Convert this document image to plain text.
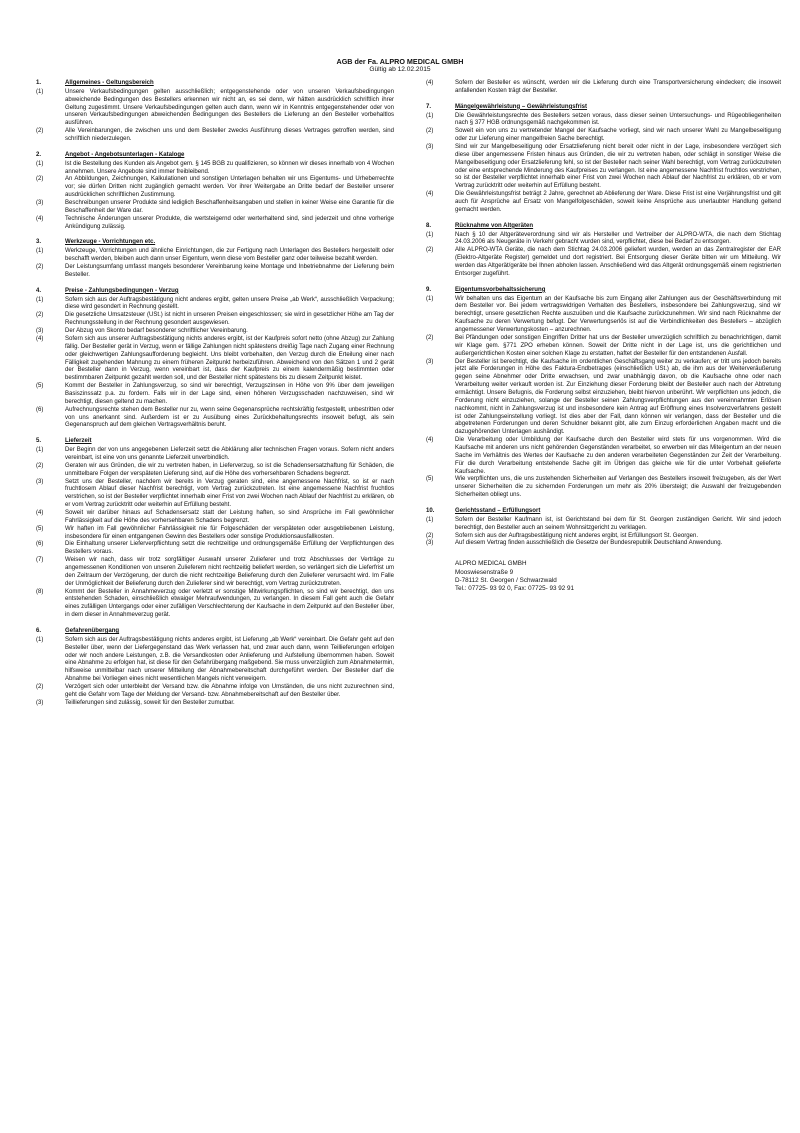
AGB der Fa. ALPRO MEDICAL GMBH
Gültig ab 12.02.2015
1.	Allgemeines - Geltungsbereich
(1)	Unsere Verkaufsbedingungen gelten ausschließlich; entgegenstehende oder von unseren Verkaufsbedingungen abweichende Bedingungen des Bestellers erkennen wir nicht an, es sei denn, wir hätten ausdrücklich schriftlich ihrer Geltung zugestimmt. Unsere Verkaufsbedingungen gelten auch dann, wenn wir in Kenntnis entgegenstehender oder von unseren Verkaufsbedingungen abweichenden Bedingungen des Bestellers die Lieferung an den Besteller vorbehaltlos ausführen.
(2)	Alle Vereinbarungen, die zwischen uns und dem Besteller zwecks Ausführung dieses Vertrages getroffen werden, sind schriftlich niederzulegen.
2.	Angebot - Angebotsunterlagen - Kataloge
(1)	Ist die Bestellung des Kunden als Angebot gem. § 145 BGB zu qualifizieren, so können wir dieses innerhalb von 4 Wochen annehmen. Unsere Angebote sind immer freibleibend.
(2)	An Abbildungen, Zeichnungen, Kalkulationen und sonstigen Unterlagen behalten wir uns Eigentums- und Urheberrechte vor; sie dürfen Dritten nicht zugänglich gemacht werden. Vor ihrer Weitergabe an Dritte bedarf der Besteller unserer ausdrücklichen schriftlichen Zustimmung.
(3)	Beschreibungen unserer Produkte sind lediglich Beschaffenheitsangaben und stellen in keiner Weise eine Garantie für die Beschaffenheit der Ware dar.
(4)	Technische Änderungen unserer Produkte, die wertsteigernd oder werterhaltend sind, sind jederzeit und ohne vorherige Ankündigung zulässig.
3.	Werkzeuge - Vorrichtungen etc.
(1)	Werkzeuge, Vorrichtungen und ähnliche Einrichtungen, die zur Fertigung nach Unterlagen des Bestellers hergestellt oder beschafft werden, bleiben auch dann unser Eigentum, wenn diese vom Besteller ganz oder teilweise bezahlt werden.
(2)	Der Leistungsumfang umfasst mangels besonderer Vereinbarung keine Montage und Inbetriebnahme der Lieferung beim Besteller.
4.	Preise - Zahlungsbedingungen - Verzug
(1)	Sofern sich aus der Auftragsbestätigung nicht anderes ergibt, gelten unsere Preise „ab Werk“, ausschließlich Verpackung; diese wird gesondert in Rechnung gestellt.
(2)	Die gesetzliche Umsatzsteuer (USt.) ist nicht in unseren Preisen eingeschlossen; sie wird in gesetzlicher Höhe am Tag der Rechnungsstellung in der Rechnung gesondert ausgewiesen.
(3)	Der Abzug von Skonto bedarf besonderer schriftlicher Vereinbarung.
(4)	Sofern sich aus unserer Auftragsbestätigung nichts anderes ergibt, ist der Kaufpreis sofort netto (ohne Abzug) zur Zahlung fällig. Der Besteller gerät in Verzug, wenn er fällige Zahlungen nicht spätestens dreißig Tage nach Zugang einer Rechnung oder gleichwertigen Zahlungsaufforderung begleicht. Uns bleibt vorbehalten, den Verzug durch die Erteilung einer nach Fälligkeit zugehenden Mahnung zu einem früheren Zeitpunkt herbeizuführen. Abweichend von den Sätzen 1 und 2 gerät der Besteller dann in Verzug, wenn vereinbart ist, dass der Kaufpreis zu einem kalendermäßig bestimmten oder bestimmbaren Zeitpunkt gezahlt werden soll, und der Besteller nicht spätestens bis zu diesem Zeitpunkt leistet.
(5)	Kommt der Besteller in Zahlungsverzug, so sind wir berechtigt, Verzugszinsen in Höhe von 9% über dem jeweiligen Basiszinssatz p.a. zu fordern. Falls wir in der Lage sind, einen höheren Verzugsschaden nachzuweisen, sind wir berechtigt, diesen geltend zu machen.
(6)	Aufrechnungsrechte stehen dem Besteller nur zu, wenn seine Gegenansprüche rechtskräftig festgestellt, unbestritten oder von uns anerkannt sind. Außerdem ist er zu Ausübung eines Zurückbehaltungsrechts insoweit befugt, als sein Gegenanspruch auf dem gleichen Vertragsverhältnis beruht.
5.	Lieferzeit
(1)	Der Beginn der von uns angegebenen Lieferzeit setzt die Abklärung aller technischen Fragen voraus. Sofern nicht anders vereinbart, ist eine von uns genannte Lieferzeit unverbindlich.
(2)	Geraten wir aus Gründen, die wir zu vertreten haben, in Lieferverzug, so ist die Schadensersatzhaftung für Schäden, die unmittelbare Folgen der verspäteten Lieferung sind, auf die Höhe des vorhersehbaren Schadens begrenzt.
(3)	Setzt uns der Besteller, nachdem wir bereits in Verzug geraten sind, eine angemessene Nachfrist, so ist er nach fruchtlosem Ablauf dieser Nachfrist berechtigt, vom Vertrag zurückzutreten. Ist eine angemessene Nachfrist fruchtlos verstrichen, so ist der Besteller verpflichtet innerhalb einer Frist von zwei Wochen nach Ablauf der Nachfrist zu erklären, ob er vom Vertrag zurücktritt oder weiterhin auf Erfüllung besteht.
(4)	Soweit wir darüber hinaus auf Schadensersatz statt der Leistung haften, so sind Ansprüche im Fall gewöhnlicher Fahrlässigkeit auf die Höhe des vorhersehbaren Schadens begrenzt.
(5)	Wir haften im Fall gewöhnlicher Fahrlässigkeit nie für Folgeschäden der verspäteten oder ausgebliebenen Leistung, insbesondere für einen entgangenen Gewinn des Bestellers oder sonstige Produktionsausfallkosten.
(6)	Die Einhaltung unserer Lieferverpflichtung setzt die rechtzeitige und ordnungsgemäße Erfüllung der Verpflichtungen des Bestellers voraus.
(7)	Weisen wir nach, dass wir trotz sorgfältiger Auswahl unserer Zulieferer und trotz Abschlusses der Verträge zu angemessenen Konditionen von unseren Zulieferern nicht rechtzeitig beliefert werden, so verlängert sich die Lieferfrist um den Zeitraum der Verzögerung, der durch die nicht rechtzeitige Belieferung durch den Zulieferer verursacht wird. Im Falle der Unmöglichkeit der Belieferung durch den Zulieferer sind wir berechtigt, vom Vertrag zurückzutreten.
(8)	Kommt der Besteller in Annahmeverzug oder verletzt er sonstige Mitwirkungspflichten, so sind wir berechtigt, den uns entstehenden Schaden, einschließlich etwaiger Mehraufwendungen, zu verlangen. In diesem Fall geht auch die Gefahr eines zufälligen Untergangs oder einer zufälligen Verschlechterung der Kaufsache in dem Zeitpunkt auf den Besteller über, in dem dieser in Annahmeverzug gerät.
6.	Gefahrenübergang
(1)	Sofern sich aus der Auftragsbestätigung nichts anderes ergibt, ist Lieferung „ab Werk“ vereinbart. Die Gefahr geht auf den Besteller über, wenn der Liefergegenstand das Werk verlassen hat, und zwar auch dann, wenn Teillieferungen erfolgen oder wir noch andere Leistungen, z.B. die Versandkosten oder Anlieferung und Aufstellung übernommen haben. Soweit eine Abnahme zu erfolgen hat, ist diese für den Gefahrübergang maßgebend. Sie muss unverzüglich zum Abnahmetermin, hilfsweise unmittelbar nach unserer Mitteilung der Abnahmebereitschaft durchgeführt werden. Der Besteller darf die Abnahme bei Vorliegen eines nicht wesentlichen Mangels nicht verweigern.
(2)	Verzögert sich oder unterbleibt der Versand bzw. die Abnahme infolge von Umständen, die uns nicht zuzurechnen sind, geht die Gefahr vom Tage der Meldung der Versand- bzw. Abnahmebereitschaft auf den Besteller über.
(3)	Teillieferungen sind zulässig, soweit für den Besteller zumutbar.
(4)	Sofern der Besteller es wünscht, werden wir die Lieferung durch eine Transportversicherung eindecken; die insoweit anfallenden Kosten trägt der Besteller.
7.	Mängelgewährleistung – Gewährleistungsfrist
(1)	Die Gewährleistungsrechte des Bestellers setzen voraus, dass dieser seinen Untersuchungs- und Rügeobliegenheiten nach § 377 HGB ordnungsgemäß nachgekommen ist.
(2)	Soweit ein von uns zu vertretender Mangel der Kaufsache vorliegt, sind wir nach unserer Wahl zu Mangelbeseitigung oder zur Lieferung einer mangelfreien Sache berechtigt.
(3)	Sind wir zur Mangelbeseitigung oder Ersatzlieferung nicht bereit oder nicht in der Lage, insbesondere verzögert sich diese über angemessene Fristen hinaus aus Gründen, die wir zu vertreten haben, oder schlägt in sonstiger Weise die Mangelbeseitigung oder Ersatzlieferung fehl, so ist der Besteller nach seiner Wahl berechtigt, vom Vertrag zurückzutreten oder eine entsprechende Minderung des Kaufpreises zu verlangen. Ist eine angemessene Nachfrist fruchtlos verstrichen, so ist der Besteller verpflichtet innerhalb einer Frist von zwei Wochen nach Ablauf der Nachfrist zu erklären, ob er vom Vertrag zurücktritt oder weiterhin auf Erfüllung besteht.
(4)	Die Gewährleistungsfrist beträgt 2 Jahre, gerechnet ab Ablieferung der Ware. Diese Frist ist eine Verjährungsfrist und gilt auch für Ansprüche auf Ersatz von Mangelfolgeschäden, soweit keine Ansprüche aus unerlaubter Handlung geltend gemacht werden.
8.	Rücknahme von Altgeräten
(1)	Nach § 10 der Altgeräteverordnung sind wir als Hersteller und Vertreiber der ALPRO-WTA, die nach dem Stichtag 24.03.2006 als Neugeräte in Verkehr gebracht wurden sind, verpflichtet, diese bei Bedarf zu entsorgen.
(2)	Alle ALPRO-WTA Geräte, die nach dem Stichtag 24.03.2006 geliefert wurden, werden an das Zentralregister der EAR (Elektro-Altgeräte Register) gemeldet und dort registriert. Bei Entsorgung dieser Geräte bitten wir um Mitteilung. Wir werden das Altgerät/geräte bei Ihnen abholen lassen. Anschließend wird das Altgerät ordnungsgemäß einem registrierten Entsorger zugeführt.
9.	Eigentumsvorbehaltssicherung
(1)	Wir behalten uns das Eigentum an der Kaufsache bis zum Eingang aller Zahlungen aus der Geschäftsverbindung mit dem Besteller vor. Bei jedem vertragswidrigen Verhalten des Bestellers, insbesondere bei Zahlungsverzug, sind wir berechtigt, unsere gesetzlichen Rechte auszuüben und die Kaufsache zurückzunehmen. Wir sind nach Rücknahme der Kaufsache zu deren Verwertung befugt. Der Verwertungserlös ist auf die Verbindlichkeiten des Bestellers – abzüglich angemessener Verwertungskosten – anzurechnen.
(2)	Bei Pfändungen oder sonstigen Eingriffen Dritter hat uns der Besteller unverzüglich schriftlich zu benachrichtigen, damit wir Klage gem. §771 ZPO erheben können. Soweit der Dritte nicht in der Lage ist, uns die gerichtlichen und außergerichtlichen Kosten einer solchen Klage zu erstatten, haftet der Besteller für den entstandenen Ausfall.
(3)	Der Besteller ist berechtigt, die Kaufsache im ordentlichen Geschäftsgang weiter zu verkaufen; er tritt uns jedoch bereits jetzt alle Forderungen in Höhe des Faktura-Endbetrages (einschließlich USt.) ab, die ihm aus der Weiterveräußerung gegen seine Abnehmer oder Dritte erwachsen, und zwar unabhängig davon, ob die Kaufsache ohne oder nach Verarbeitung weiter verkauft worden ist. Zur Einziehung dieser Forderung bleibt der Besteller auch nach der Abtretung ermächtigt. Unsere Befugnis, die Forderung selbst einzuziehen, bleibt hiervon unberührt. Wir verpflichten uns jedoch, die Forderung nicht einzuziehen, solange der Besteller seinen Zahlungsverpflichtungen aus den vereinnahmten Erlösen nachkommt, nicht in Zahlungsverzug ist und insbesondere kein Antrag auf Eröffnung eines Insolvenzverfahrens gestellt ist oder Zahlungseinstellung vorliegt. Ist dies aber der Fall, dann können wir verlangen, dass der Besteller und die abgetretenen Forderungen und deren Schuldner bekannt gibt, alle zum Einzug erforderlichen Angaben macht und die dazugehörenden Unterlagen aushändigt.
(4)	Die Verarbeitung oder Umbildung der Kaufsache durch den Besteller wird stets für uns vorgenommen. Wird die Kaufsache mit anderen uns nicht gehörenden Gegenständen verarbeitet, so erwerben wir das Miteigentum an der neuen Sache im Verhältnis des Wertes der Kaufsache zu den anderen verarbeiteten Gegenständen zur Zeit der Verarbeitung. Für die durch Verarbeitung entstehende Sache gilt im Übrigen das gleiche wie für die unter Vorbehalt gelieferte Kaufsache.
(5)	Wie verpflichten uns, die uns zustehenden Sicherheiten auf Verlangen des Bestellers insoweit freizugeben, als der Wert unserer Sicherheiten die zu sichernden Forderungen um mehr als 20% übersteigt; die Auswahl der freizugebenden Sicherheiten obliegt uns.
10.	Gerichtsstand – Erfüllungsort
(1)	Sofern der Besteller Kaufmann ist, ist Gerichtstand bei dem für St. Georgen zuständigen Gericht. Wir sind jedoch berechtigt, den Besteller auch an seinem Wohnsitzgericht zu verklagen.
(2)	Sofern sich aus der Auftragsbestätigung nicht anderes ergibt, ist Erfüllungsort St. Georgen.
(3)	Auf diesem Vertrag finden ausschließlich die Gesetze der Bundesrepublik Deutschland Anwendung.
ALPRO MEDICAL GMBH
Mooswiesenstraße 9
D-78112 St. Georgen / Schwarzwald
Tel.: 07725- 93 92 0, Fax: 07725- 93 92 91
